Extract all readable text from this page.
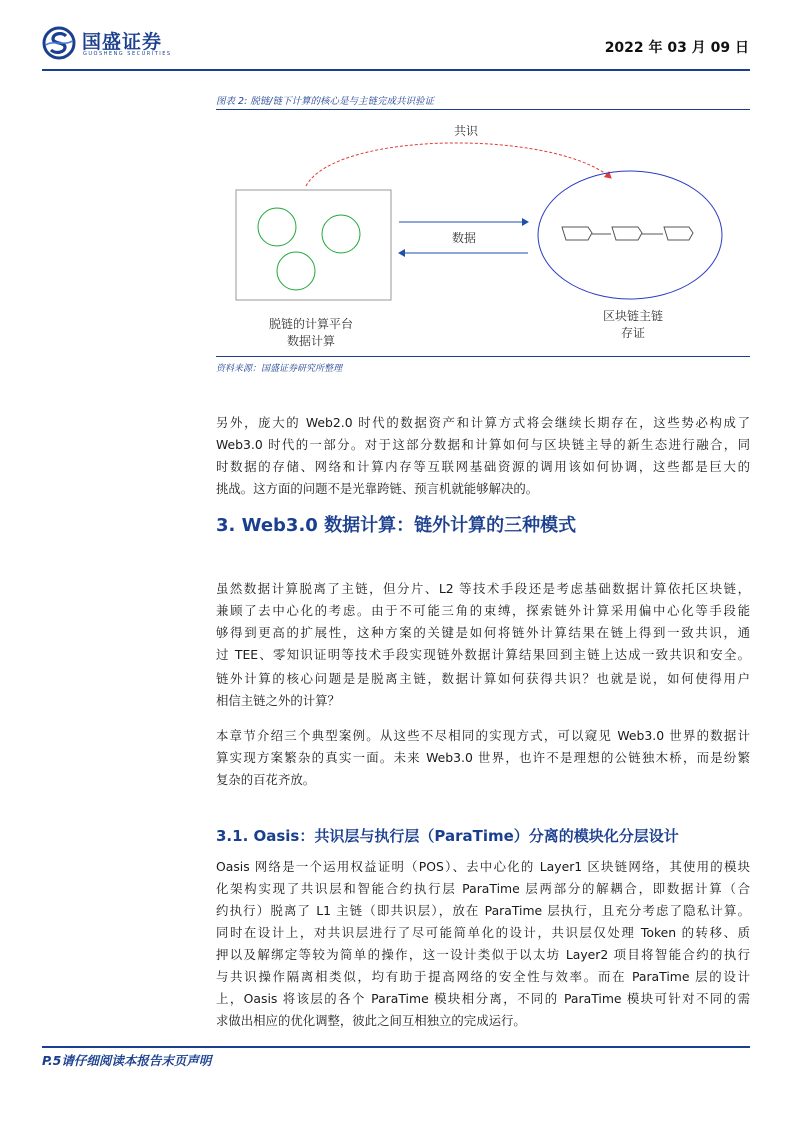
国盛证券
GUOSHENG SECURITIES	2022 年 03 月 09 日
图表 2: 脱链/链下计算的核心是与主链完成共识验证
共识
数据
脱链的计算平台
数据计算
区块链主链
存证
资料来源：国盛证券研究所整理
另外，庞大的 Web2.0 时代的数据资产和计算方式将会继续长期存在，这些势必构成了
Web3.0 时代的一部分。对于这部分数据和计算如何与区块链主导的新生态进行融合，同
时数据的存储、网络和计算内存等互联网基础资源的调用该如何协调，这些都是巨大的
挑战。这方面的问题不是光靠跨链、预言机就能够解决的。
3. Web3.0 数据计算：链外计算的三种模式
虽然数据计算脱离了主链，但分片、L2 等技术手段还是考虑基础数据计算依托区块链，
兼顾了去中心化的考虑。由于不可能三角的束缚，探索链外计算采用偏中心化等手段能
够得到更高的扩展性，这种方案的关键是如何将链外计算结果在链上得到一致共识，通
过 TEE、零知识证明等技术手段实现链外数据计算结果回到主链上达成一致共识和安全。
链外计算的核心问题是是脱离主链，数据计算如何获得共识？也就是说，如何使得用户
相信主链之外的计算？
本章节介绍三个典型案例。从这些不尽相同的实现方式，可以窥见 Web3.0 世界的数据计
算实现方案繁杂的真实一面。未来 Web3.0 世界，也许不是理想的公链独木桥，而是纷繁
复杂的百花齐放。
3.1. Oasis：共识层与执行层（ParaTime）分离的模块化分层设计
Oasis 网络是一个运用权益证明（POS）、去中心化的 Layer1 区块链网络，其使用的模块
化架构实现了共识层和智能合约执行层 ParaTime 层两部分的解耦合，即数据计算（合
约执行）脱离了 L1 主链（即共识层），放在 ParaTime 层执行，且充分考虑了隐私计算。
同时在设计上，对共识层进行了尽可能简单化的设计，共识层仅处理 Token 的转移、质
押以及解绑定等较为简单的操作，这一设计类似于以太坊 Layer2 项目将智能合约的执行
与共识操作隔离相类似，均有助于提高网络的安全性与效率。而在 ParaTime 层的设计
上，Oasis 将该层的各个 ParaTime 模块相分离，不同的 ParaTime 模块可针对不同的需
求做出相应的优化调整，彼此之间互相独立的完成运行。
P.5请仔细阅读本报告末页声明
